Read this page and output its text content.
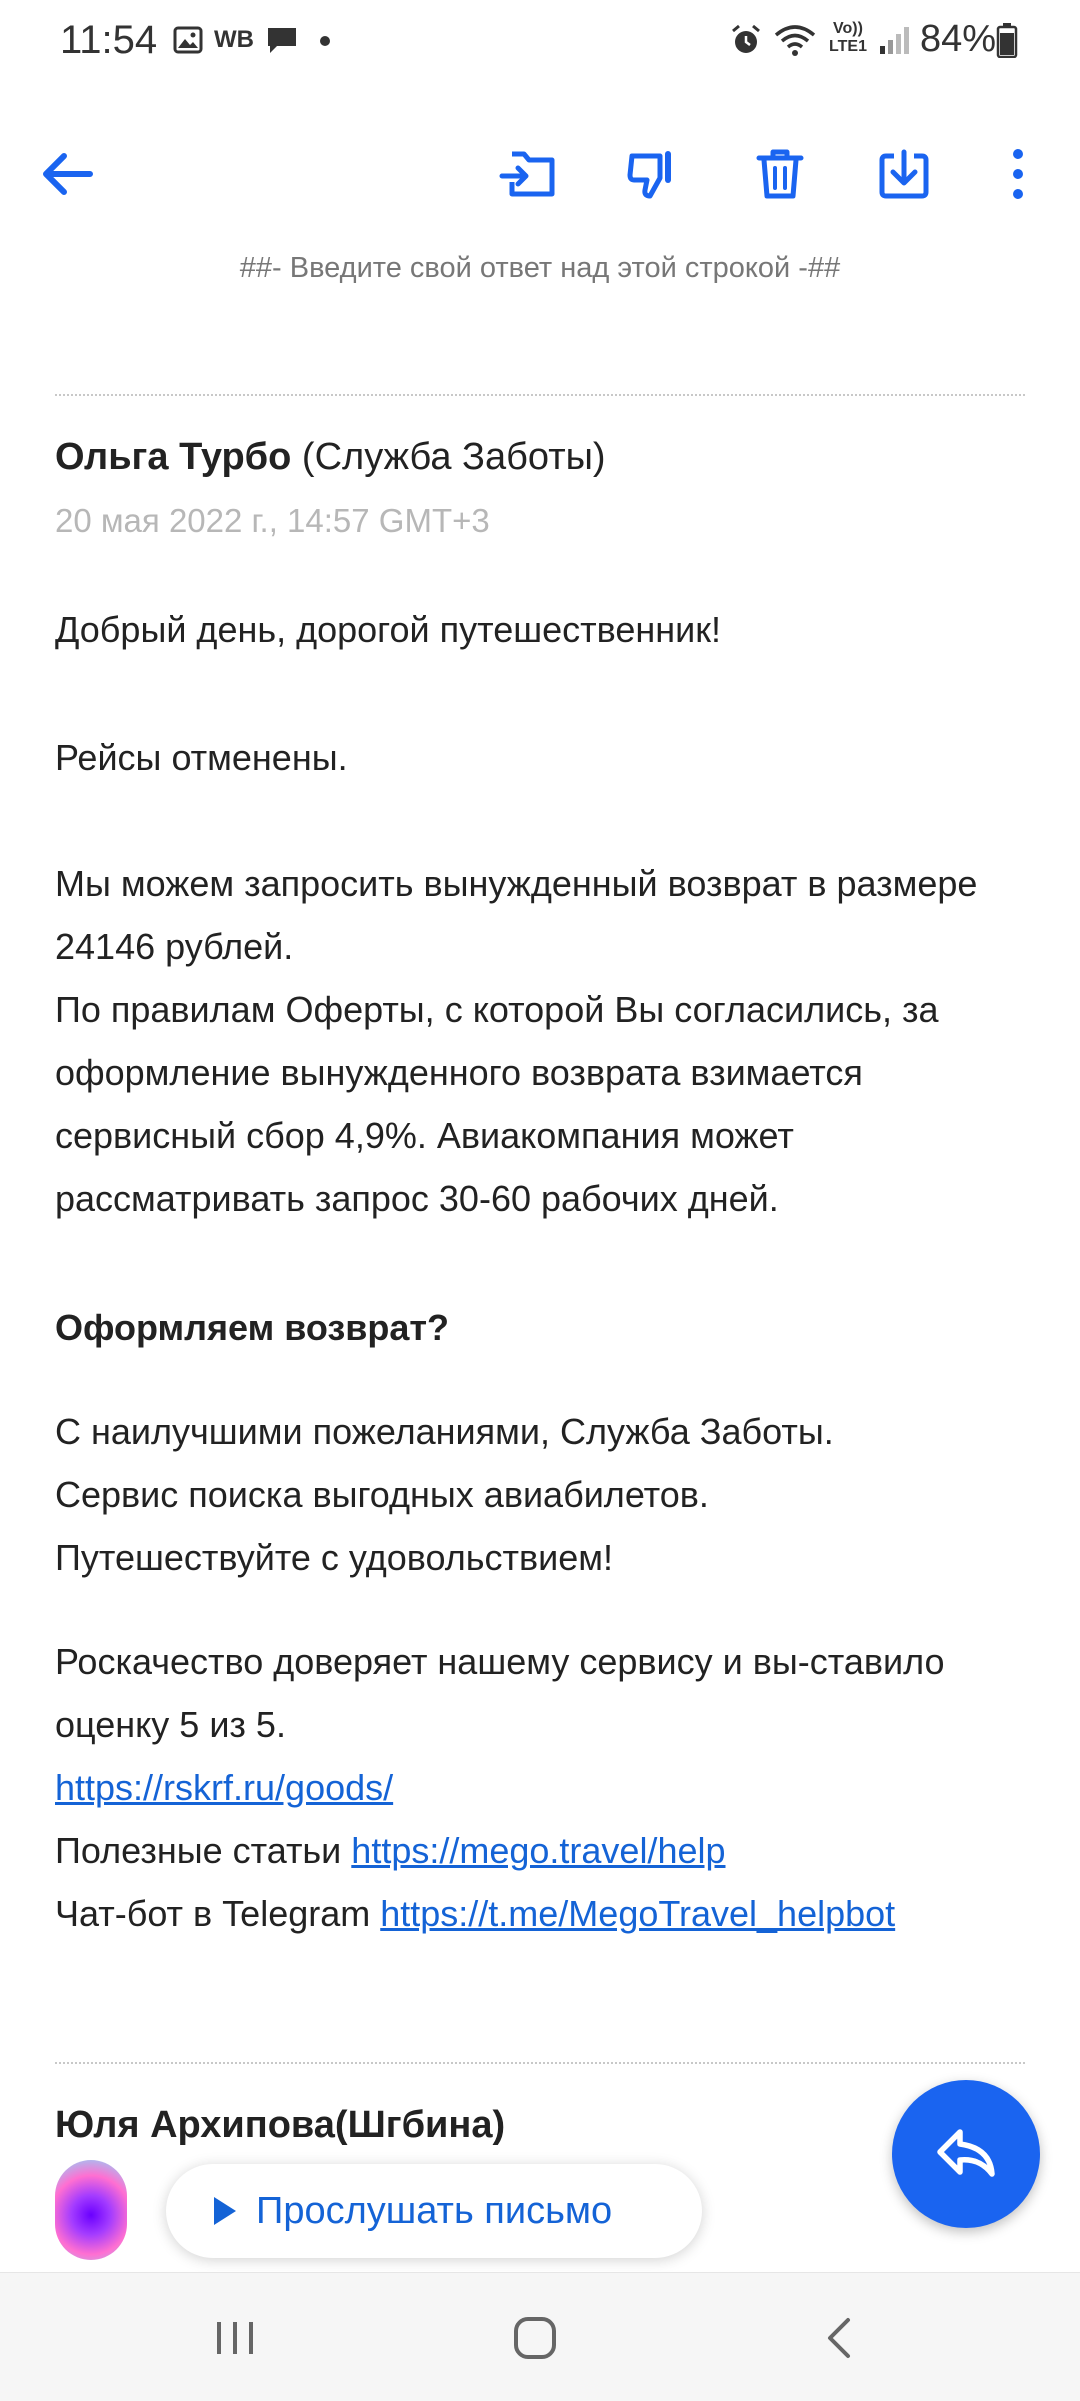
11:54 WB	Vo)) LTE1 84%
##- Введите свой ответ над этой строкой -##
Ольга Турбо (Служба Заботы)
20 мая 2022 г., 14:57 GMT+3
Добрый день, дорогой путешественник!
Рейсы отменены.
Мы можем запросить вынужденный возврат в размере 24146 рублей.
По правилам Оферты, с которой Вы согласились, за оформление вынужденного возврата взимается сервисный сбор 4,9%. Авиакомпания может рассматривать запрос 30-60 рабочих дней.
Оформляем возврат?
С наилучшими пожеланиями, Служба Заботы.
Сервис поиска выгодных авиабилетов.
Путешествуйте с удовольствием!
Роскачество доверяет нашему сервису и вы-ставило оценку 5 из 5.
https://rskrf.ru/goods/
Полезные статьи https://mego.travel/help
Чат-бот в Telegram https://t.me/MegoTravel_helpbot
Юля Архипова(Шгбина)
Прослушать письмо
